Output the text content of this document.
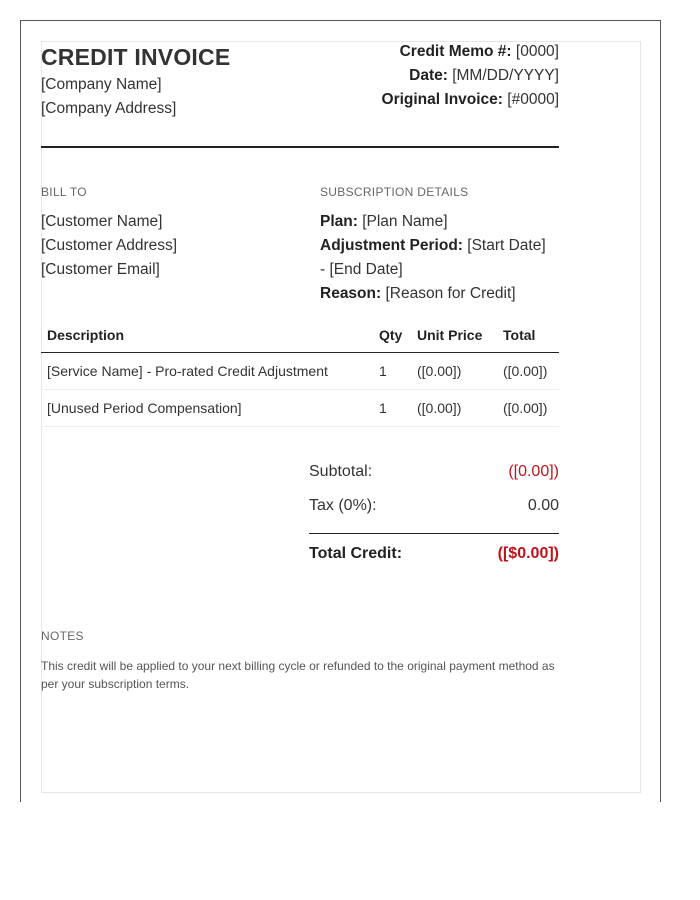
CREDIT INVOICE
[Company Name]
[Company Address]
Credit Memo #: [0000]
Date: [MM/DD/YYYY]
Original Invoice: [#0000]
BILL TO
[Customer Name]
[Customer Address]
[Customer Email]
SUBSCRIPTION DETAILS
Plan: [Plan Name]
Adjustment Period: [Start Date]
- [End Date]
Reason: [Reason for Credit]
Description	Qty	Unit Price	Total
[Service Name] - Pro-rated Credit Adjustment	1	([0.00])	([0.00])
[Unused Period Compensation]	1	([0.00])	([0.00])
Subtotal:	([0.00])
Tax (0%):	0.00
Total Credit:	([$0.00])
NOTES
This credit will be applied to your next billing cycle or refunded to the original payment method as per your subscription terms.
